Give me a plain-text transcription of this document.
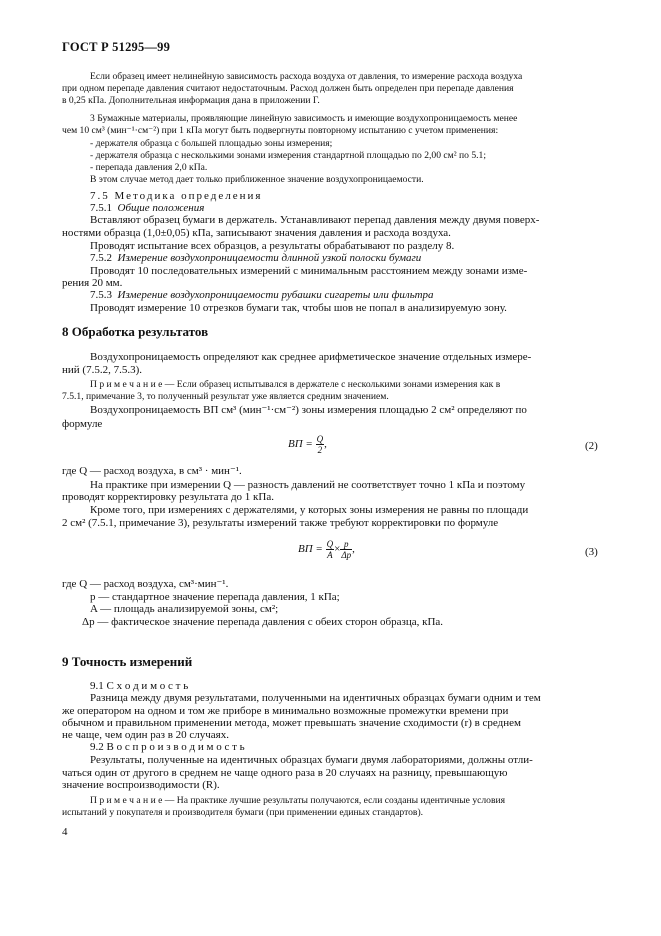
ГОСТ Р 51295—99
Если образец имеет нелинейную зависимость расхода воздуха от давления, то измерение расхода воздуха
при одном перепаде давления считают недостаточным. Расход должен быть определен при перепаде давления
в 0,25 кПа. Дополнительная информация дана в приложении Г.
3 Бумажные материалы, проявляющие линейную зависимость и имеющие воздухопроницаемость менее
чем 10 см³ (мин⁻¹·см⁻²) при 1 кПа могут быть подвергнуты повторному испытанию с учетом применения:
- держателя образца с большей площадью зоны измерения;
- держателя образца с несколькими зонами измерения стандартной площадью по 2,00 см² по 5.1;
- перепада давления 2,0 кПа.
В этом случае метод дает только приближенное значение воздухопроницаемости.
7.5 Методика определения
7.5.1 Общие положения
Вставляют образец бумаги в держатель. Устанавливают перепад давления между двумя поверх-
ностями образца (1,0±0,05) кПа, записывают значения давления и расхода воздуха.
Проводят испытание всех образцов, а результаты обрабатывают по разделу 8.
7.5.2 Измерение воздухопроницаемости длинной узкой полоски бумаги
Проводят 10 последовательных измерений с минимальным расстоянием между зонами изме-
рения 20 мм.
7.5.3 Измерение воздухопроницаемости рубашки сигареты или фильтра
Проводят измерение 10 отрезков бумаги так, чтобы шов не попал в анализируемую зону.
8 Обработка результатов
Воздухопроницаемость определяют как среднее арифметическое значение отдельных измере-
ний (7.5.2, 7.5.3).
П р и м е ч а н и е — Если образец испытывался в держателе с несколькими зонами измерения как в
7.5.1, примечание 3, то полученный результат уже является средним значением.
Воздухопроницаемость ВП см³ (мин⁻¹·см⁻²) зоны измерения площадью 2 см² определяют по
формуле
ВП = $\frac{Q}{2}$ ,	(2)
где Q — расход воздуха, в см³ · мин⁻¹.
На практике при измерении Q — разность давлений не соответствует точно 1 кПа и поэтому
проводят корректировку результата до 1 кПа.
Кроме того, при измерениях с держателями, у которых зоны измерения не равны по площади
2 см² (7.5.1, примечание 3), результаты измерений также требуют корректировки по формуле
ВП = $\frac{Q}{A} \times \frac{p}{\Delta p}$ ,	(3)
где Q — расход воздуха, см³·мин⁻¹.
p — стандартное значение перепада давления, 1 кПа;
A — площадь анализируемой зоны, см²;
Δp — фактическое значение перепада давления с обеих сторон образца, кПа.
9 Точность измерений
9.1 С х о д и м о с т ь
Разница между двумя результатами, полученными на идентичных образцах бумаги одним и тем
же оператором на одном и том же приборе в минимально возможные промежутки времени при
обычном и правильном применении метода, может превышать значение сходимости (r) в среднем
не чаще, чем один раз в 20 случаях.
9.2 В о с п р о и з в о д и м о с т ь
Результаты, полученные на идентичных образцах бумаги двумя лабораториями, должны отли-
чаться один от другого в среднем не чаще одного раза в 20 случаях на разницу, превышающую
значение воспроизводимости (R).
П р и м е ч а н и е — На практике лучшие результаты получаются, если созданы идентичные условия
испытаний у покупателя и производителя бумаги (при применении единых стандартов).
4
